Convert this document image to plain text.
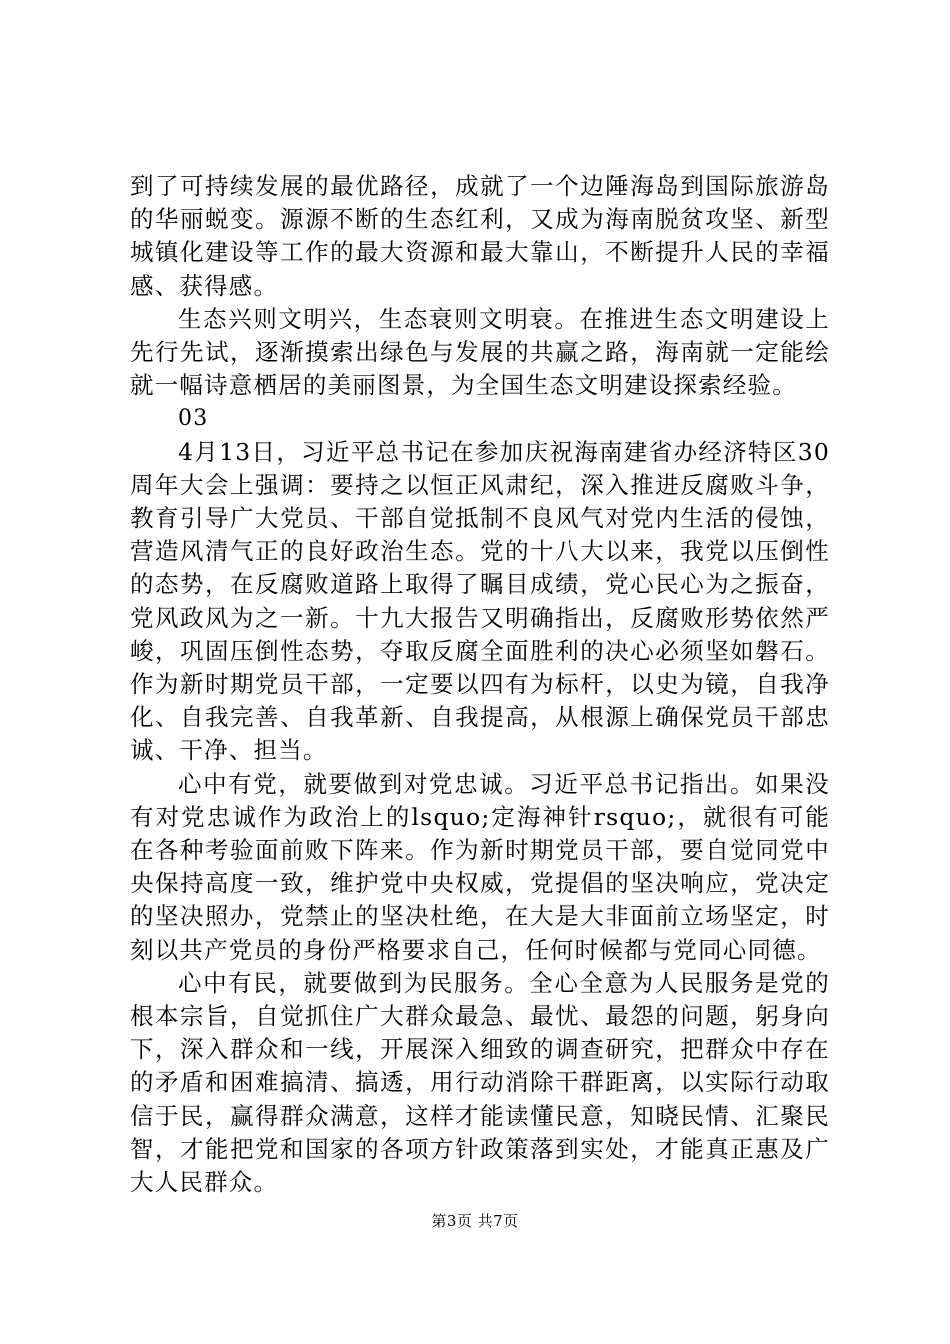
到了可持续发展的最优路径，成就了一个边陲海岛到国际旅游岛的华丽蜕变。源源不断的生态红利，又成为海南脱贫攻坚、新型城镇化建设等工作的最大资源和最大靠山，不断提升人民的幸福感、获得感。

生态兴则文明兴，生态衰则文明衰。在推进生态文明建设上先行先试，逐渐摸索出绿色与发展的共赢之路，海南就一定能绘就一幅诗意栖居的美丽图景，为全国生态文明建设探索经验。

03

4月13日，习近平总书记在参加庆祝海南建省办经济特区30周年大会上强调：要持之以恒正风肃纪，深入推进反腐败斗争，教育引导广大党员、干部自觉抵制不良风气对党内生活的侵蚀，营造风清气正的良好政治生态。党的十八大以来，我党以压倒性的态势，在反腐败道路上取得了瞩目成绩，党心民心为之振奋，党风政风为之一新。十九大报告又明确指出，反腐败形势依然严峻，巩固压倒性态势，夺取反腐全面胜利的决心必须坚如磐石。作为新时期党员干部，一定要以四有为标杆，以史为镜，自我净化、自我完善、自我革新、自我提高，从根源上确保党员干部忠诚、干净、担当。

心中有党，就要做到对党忠诚。习近平总书记指出。如果没有对党忠诚作为政治上的lsquo;定海神针rsquo;，就很有可能在各种考验面前败下阵来。作为新时期党员干部，要自觉同党中央保持高度一致，维护党中央权威，党提倡的坚决响应，党决定的坚决照办，党禁止的坚决杜绝，在大是大非面前立场坚定，时刻以共产党员的身份严格要求自己，任何时候都与党同心同德。

心中有民，就要做到为民服务。全心全意为人民服务是党的根本宗旨，自觉抓住广大群众最急、最忧、最怨的问题，躬身向下，深入群众和一线，开展深入细致的调查研究，把群众中存在的矛盾和困难搞清、搞透，用行动消除干群距离，以实际行动取信于民，赢得群众满意，这样才能读懂民意，知晓民情、汇聚民智，才能把党和国家的各项方针政策落到实处，才能真正惠及广大人民群众。

第3页 共7页
